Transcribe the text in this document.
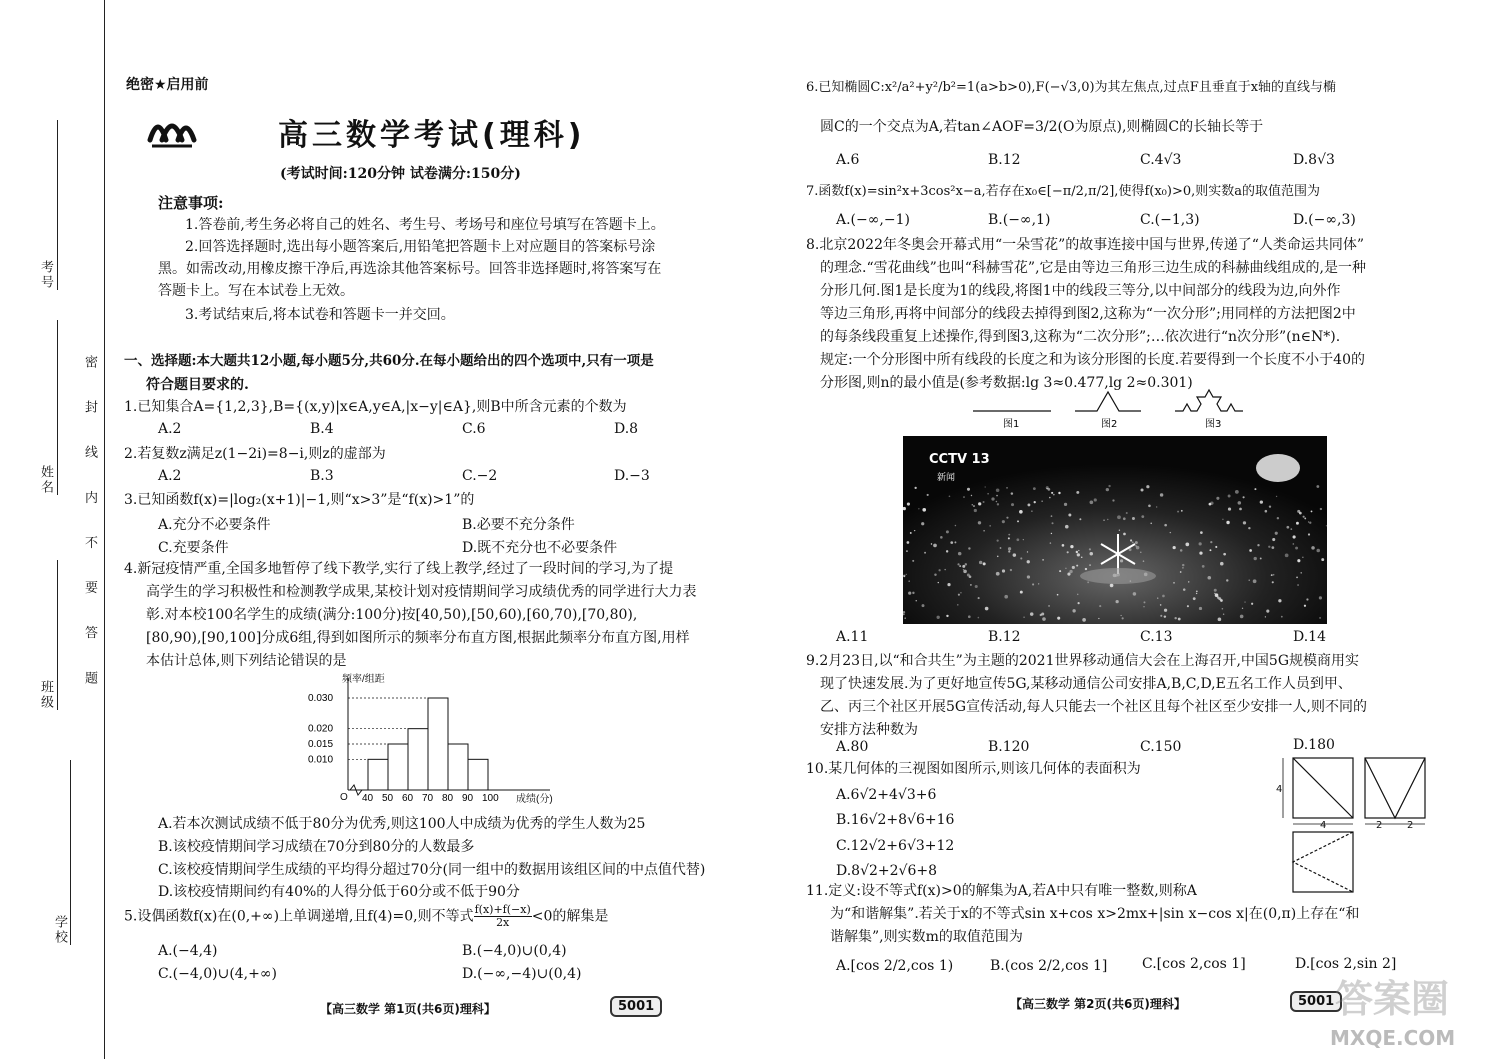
考号
姓名
班级
学校
密 封 线 内 不 要 答 题
绝密★启用前
高三数学考试(理科)
(考试时间:120分钟 试卷满分:150分)
注意事项:
1.答卷前,考生务必将自己的姓名、考生号、考场号和座位号填写在答题卡上。
2.回答选择题时,选出每小题答案后,用铅笔把答题卡上对应题目的答案标号涂
黑。如需改动,用橡皮擦干净后,再选涂其他答案标号。回答非选择题时,将答案写在
答题卡上。写在本试卷上无效。
3.考试结束后,将本试卷和答题卡一并交回。
一、选择题:本大题共12小题,每小题5分,共60分.在每小题给出的四个选项中,只有一项是
符合题目要求的.
1.已知集合A={1,2,3},B={(x,y)|x∈A,y∈A,|x−y|∈A},则B中所含元素的个数为
A.2	B.4	C.6	D.8
2.若复数z满足z(1−2i)=8−i,则z的虚部为
A.2	B.3	C.−2	D.−3
3.已知函数f(x)=|log₂(x+1)|−1,则“x>3”是“f(x)>1”的
A.充分不必要条件	B.必要不充分条件
C.充要条件	D.既不充分也不必要条件
4.新冠疫情严重,全国多地暂停了线下教学,实行了线上教学,经过了一段时间的学习,为了提
高学生的学习积极性和检测教学成果,某校计划对疫情期间学习成绩优秀的同学进行大力表
彰.对本校100名学生的成绩(满分:100分)按[40,50),[50,60),[60,70),[70,80),
[80,90),[90,100]分成6组,得到如图所示的频率分布直方图,根据此频率分布直方图,用样
本估计总体,则下列结论错误的是
频率/组距
成绩(分)
O
0.030
0.020
0.015
0.010
40 50 60 70 80 90 100
A.若本次测试成绩不低于80分为优秀,则这100人中成绩为优秀的学生人数为25
B.该校疫情期间学习成绩在70分到80分的人数最多
C.该校疫情期间学生成绩的平均得分超过70分(同一组中的数据用该组区间的中点值代替)
D.该校疫情期间约有40%的人得分低于60分或不低于90分
5.设偶函数f(x)在(0,+∞)上单调递增,且f(4)=0,则不等式 $\frac{f(x)+f(-x)}{2x} <0$的解集是
A.(−4,4)	B.(−4,0)∪(0,4)
C.(−4,0)∪(4,+∞)	D.(−∞,−4)∪(0,4)
【高三数学 第1页(共6页)理科】	5001
6.已知椭圆C:x²/a²+y²/b²=1(a>b>0),F(−√3,0)为其左焦点,过点F且垂直于x轴的直线与椭
圆C的一个交点为A,若tan∠AOF=3/2(O为原点),则椭圆C的长轴长等于
A.6	B.12	C.4√3	D.8√3
7.函数f(x)=sin²x+3cos²x−a,若存在x₀∈[−π/2,π/2],使得f(x₀)>0,则实数a的取值范围为
A.(−∞,−1)	B.(−∞,1)	C.(−1,3)	D.(−∞,3)
8.北京2022年冬奥会开幕式用“一朵雪花”的故事连接中国与世界,传递了“人类命运共同体”
的理念.“雪花曲线”也叫“科赫雪花”,它是由等边三角形三边生成的科赫曲线组成的,是一种
分形几何.图1是长度为1的线段,将图1中的线段三等分,以中间部分的线段为边,向外作
等边三角形,再将中间部分的线段去掉得到图2,这称为“一次分形”;用同样的方法把图2中
的每条线段重复上述操作,得到图3,这称为“二次分形”;…依次进行“n次分形”(n∈N*).
规定:一个分形图中所有线段的长度之和为该分形图的长度.若要得到一个长度不小于40的
分形图,则n的最小值是(参考数据:lg 3≈0.477,lg 2≈0.301)
图1	图2	图3
CCTV 13
新闻
A.11	B.12	C.13	D.14
9.2月23日,以“和合共生”为主题的2021世界移动通信大会在上海召开,中国5G规模商用实
现了快速发展.为了更好地宣传5G,某移动通信公司安排A,B,C,D,E五名工作人员到甲、
乙、丙三个社区开展5G宣传活动,每人只能去一个社区且每个社区至少安排一人,则不同的
安排方法种数为
A.80	B.120	C.150	D.180
10.某几何体的三视图如图所示,则该几何体的表面积为
A.6√2+4√3+6
B.16√2+8√6+16
C.12√2+6√3+12
D.8√2+2√6+8
4
4	2 2
11.定义:设不等式f(x)>0的解集为A,若A中只有唯一整数,则称A
为“和谐解集”.若关于x的不等式sin x+cos x>2mx+|sin x−cos x|在(0,π)上存在“和
谐解集”,则实数m的取值范围为
A.[cos 2/2,cos 1)	B.(cos 2/2,cos 1] C.[cos 2,cos 1]	D.[cos 2,sin 2]
【高三数学 第2页(共6页)理科】	5001 答案圈
MXQE.COM
